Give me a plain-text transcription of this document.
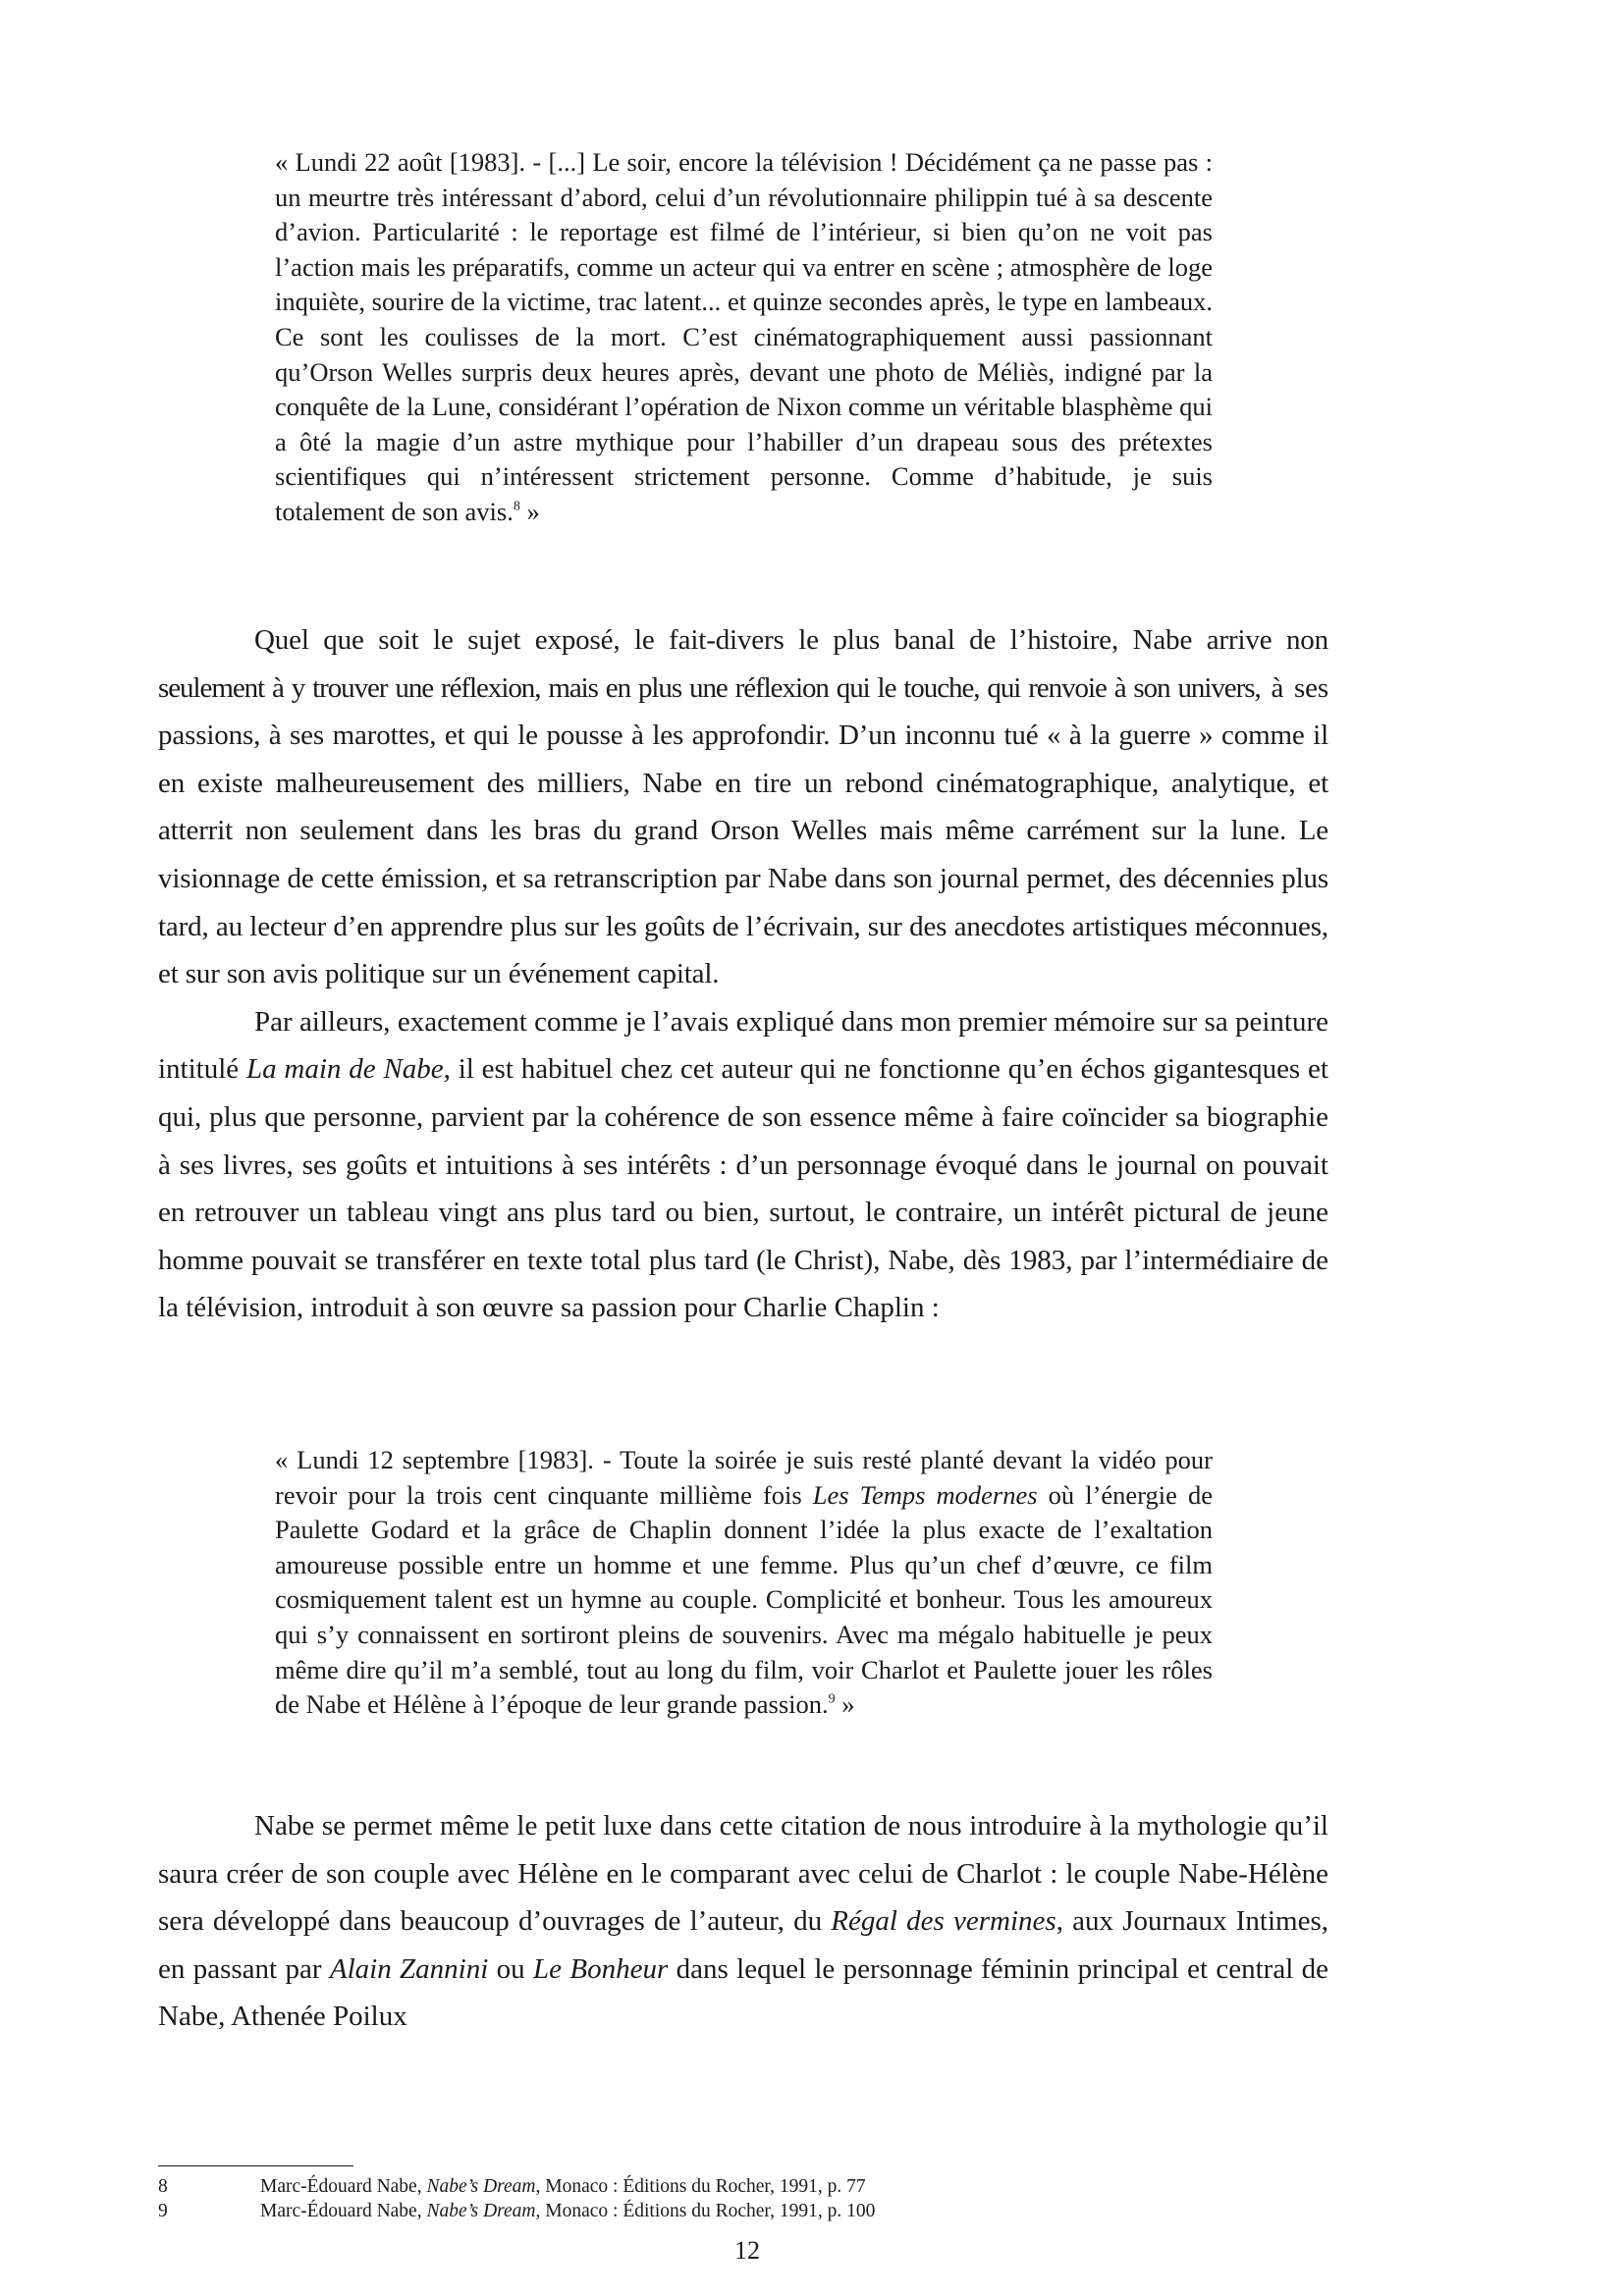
« Lundi 22 août [1983]. - [...] Le soir, encore la télévision ! Décidément ça ne passe pas : un meurtre très intéressant d’abord, celui d’un révolutionnaire philippin tué à sa descente d’avion. Particularité : le reportage est filmé de l’intérieur, si bien qu’on ne voit pas l’action mais les préparatifs, comme un acteur qui va entrer en scène ; atmosphère de loge inquiète, sourire de la victime, trac latent... et quinze secondes après, le type en lambeaux. Ce sont les coulisses de la mort. C’est cinématographiquement aussi passionnant qu’Orson Welles surpris deux heures après, devant une photo de Méliès, indigné par la conquête de la Lune, considérant l’opération de Nixon comme un véritable blasphème qui a ôté la magie d’un astre mythique pour l’habiller d’un drapeau sous des prétextes scientifiques qui n’intéressent strictement personne. Comme d’habitude, je suis totalement de son avis.$^8$ »

Quel que soit le sujet exposé, le fait-divers le plus banal de l’histoire, Nabe arrive non seulement à y trouver une réflexion, mais en plus une réflexion qui le touche, qui renvoie à son univers, à ses passions, à ses marottes, et qui le pousse à les approfondir. D’un inconnu tué « à la guerre » comme il en existe malheureusement des milliers, Nabe en tire un rebond cinématographique, analytique, et atterrit non seulement dans les bras du grand Orson Welles mais même carrément sur la lune. Le visionnage de cette émission, et sa retranscription par Nabe dans son journal permet, des décennies plus tard, au lecteur d’en apprendre plus sur les goûts de l’écrivain, sur des anecdotes artistiques méconnues, et sur son avis politique sur un événement capital.

Par ailleurs, exactement comme je l’avais expliqué dans mon premier mémoire sur sa peinture intitulé La main de Nabe, il est habituel chez cet auteur qui ne fonctionne qu’en échos gigantesques et qui, plus que personne, parvient par la cohérence de son essence même à faire coïncider sa biographie à ses livres, ses goûts et intuitions à ses intérêts : d’un personnage évoqué dans le journal on pouvait en retrouver un tableau vingt ans plus tard ou bien, surtout, le contraire, un intérêt pictural de jeune homme pouvait se transférer en texte total plus tard (le Christ), Nabe, dès 1983, par l’intermédiaire de la télévision, introduit à son œuvre sa passion pour Charlie Chaplin :

« Lundi 12 septembre [1983]. - Toute la soirée je suis resté planté devant la vidéo pour revoir pour la trois cent cinquante millième fois Les Temps modernes où l’énergie de Paulette Godard et la grâce de Chaplin donnent l’idée la plus exacte de l’exaltation amoureuse possible entre un homme et une femme. Plus qu’un chef d’œuvre, ce film cosmiquement talent est un hymne au couple. Complicité et bonheur. Tous les amoureux qui s’y connaissent en sortiront pleins de souvenirs. Avec ma mégalo habituelle je peux même dire qu’il m’a semblé, tout au long du film, voir Charlot et Paulette jouer les rôles de Nabe et Hélène à l’époque de leur grande passion.$^9$ »

Nabe se permet même le petit luxe dans cette citation de nous introduire à la mythologie qu’il saura créer de son couple avec Hélène en le comparant avec celui de Charlot : le couple Nabe-Hélène sera développé dans beaucoup d’ouvrages de l’auteur, du Régal des vermines, aux Journaux Intimes, en passant par Alain Zannini ou Le Bonheur dans lequel le personnage féminin principal et central de Nabe, Athenée Poilux

8	Marc-Édouard Nabe, Nabe’s Dream, Monaco : Éditions du Rocher, 1991, p. 77
9	Marc-Édouard Nabe, Nabe’s Dream, Monaco : Éditions du Rocher, 1991, p. 100
12
